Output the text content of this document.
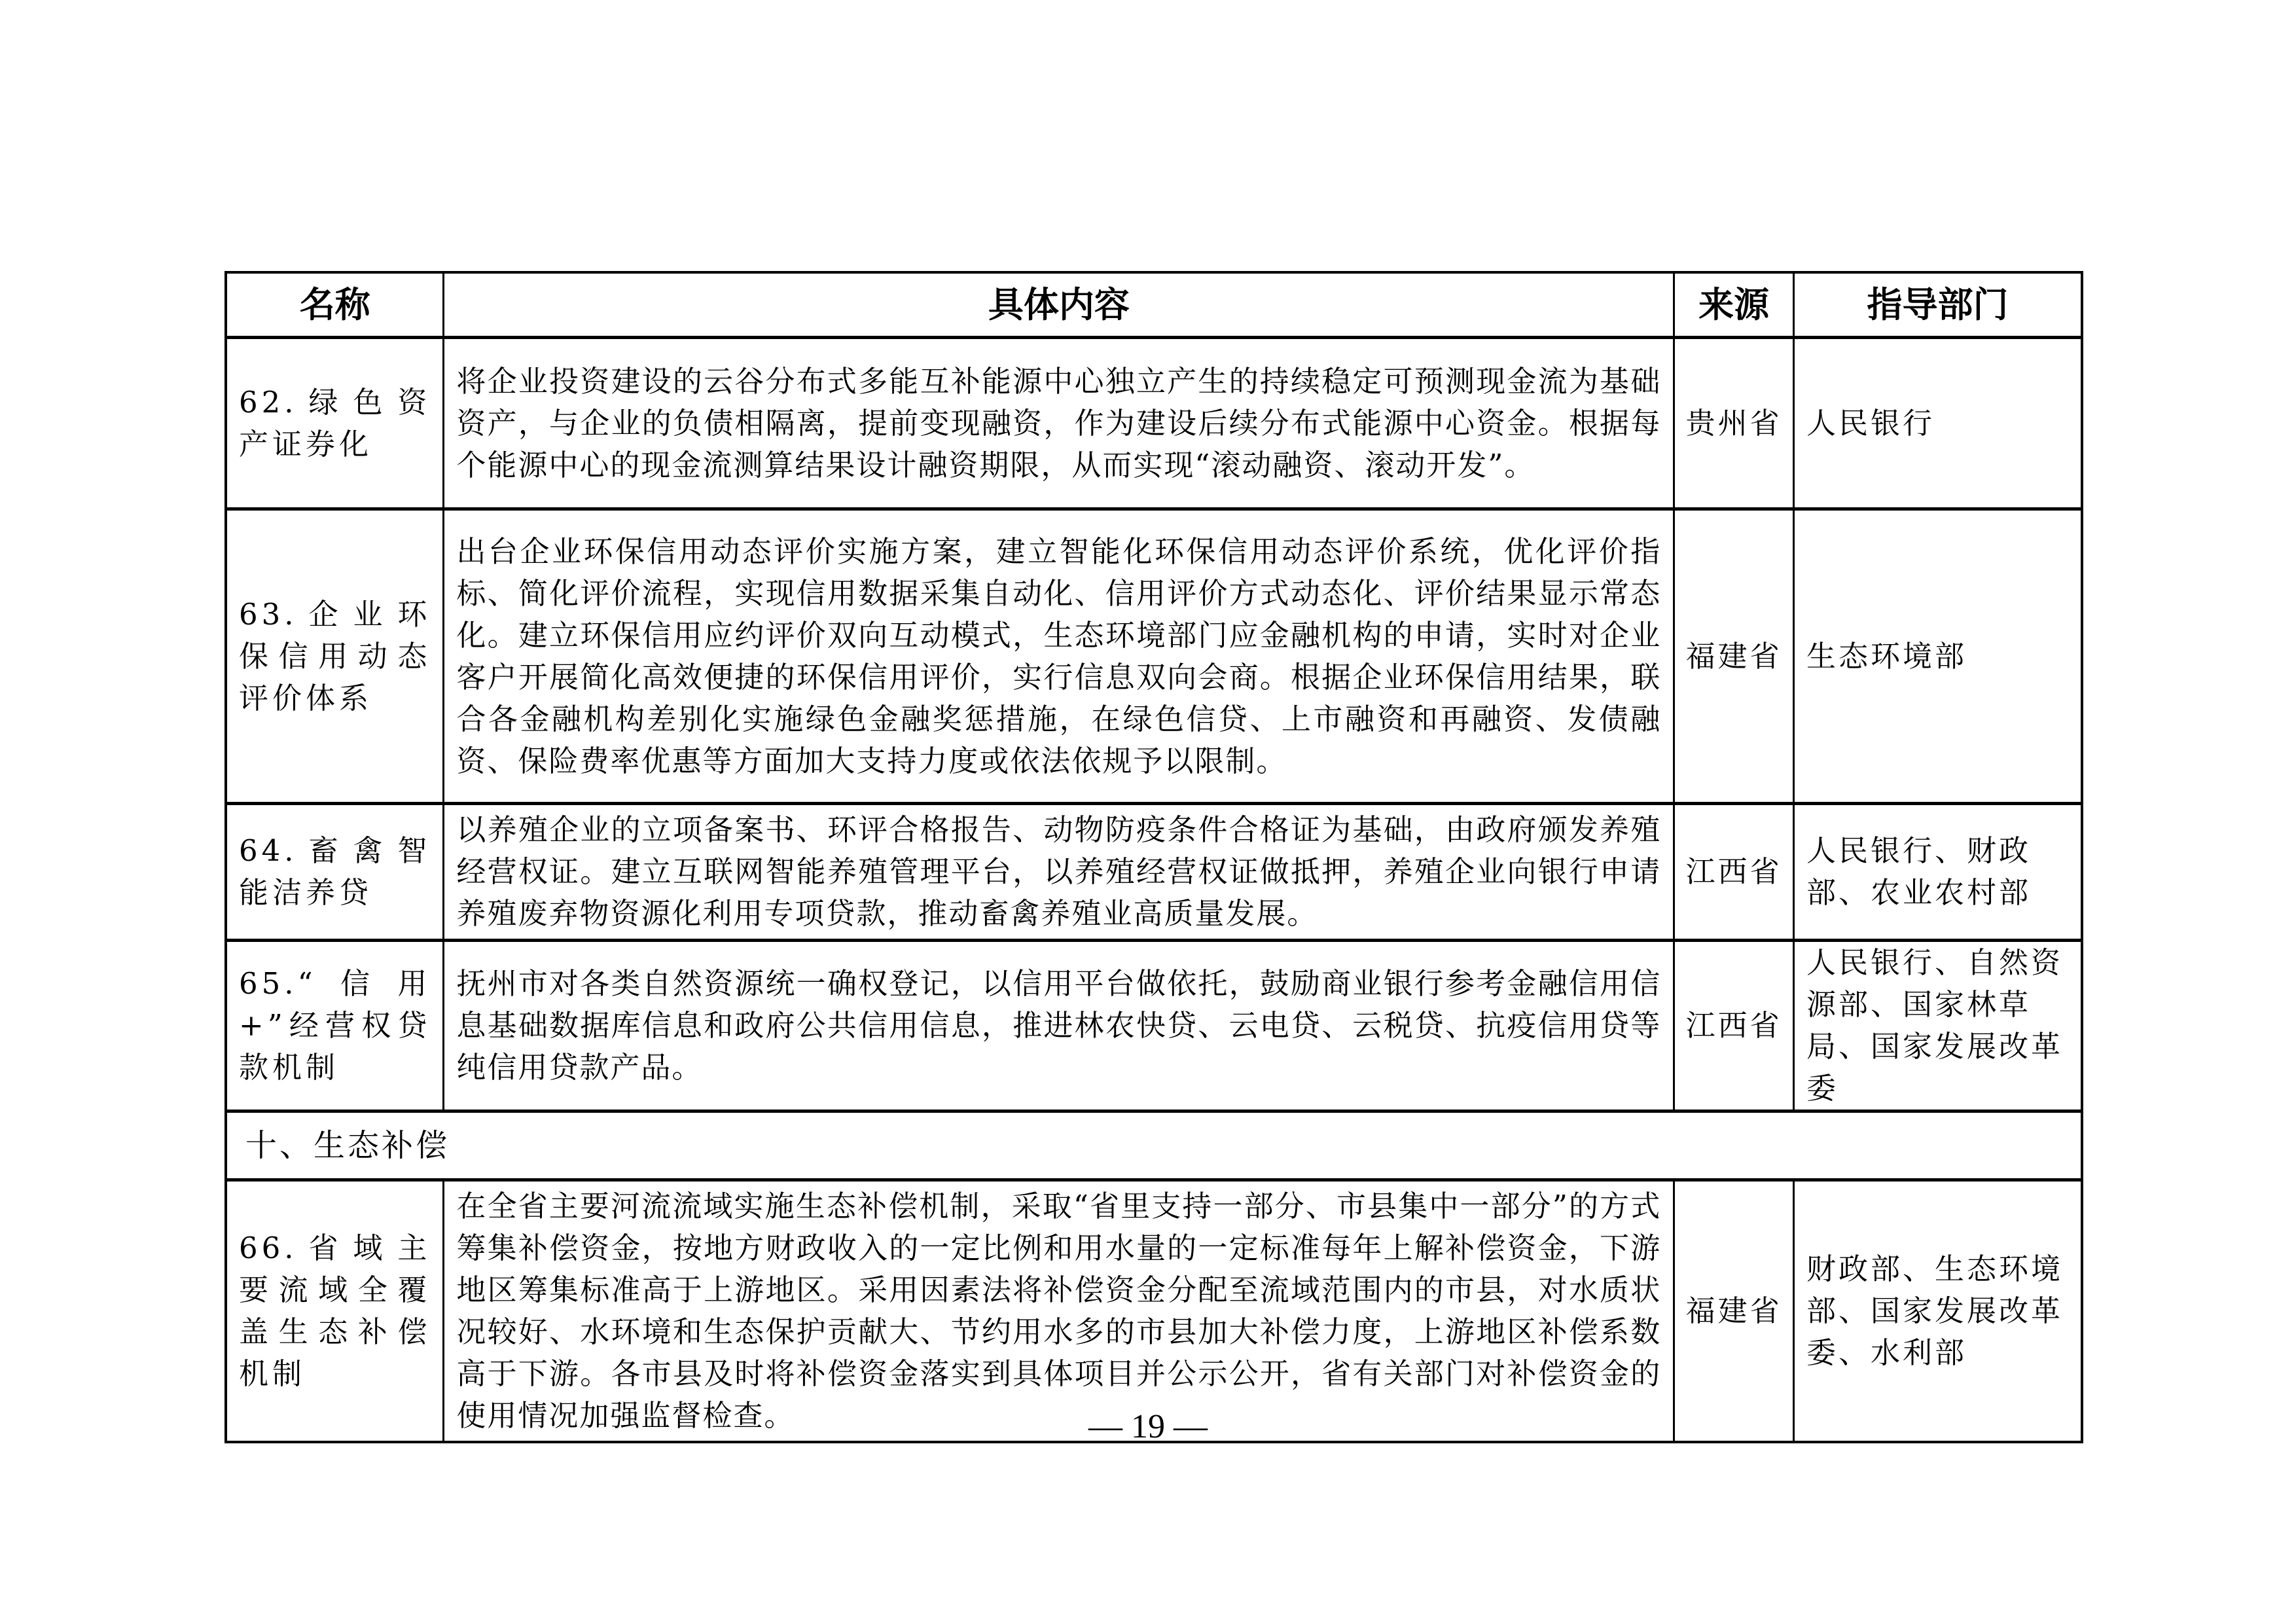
名称	具体内容	来源	指导部门
62.绿色资产证券化	将企业投资建设的云谷分布式多能互补能源中心独立产生的持续稳定可预测现金流为基础资产，与企业的负债相隔离，提前变现融资，作为建设后续分布式能源中心资金。根据每个能源中心的现金流测算结果设计融资期限，从而实现“滚动融资、滚动开发”。	贵州省	人民银行
63.企业环保信用动态评价体系	出台企业环保信用动态评价实施方案，建立智能化环保信用动态评价系统，优化评价指标、简化评价流程，实现信用数据采集自动化、信用评价方式动态化、评价结果显示常态化。建立环保信用应约评价双向互动模式，生态环境部门应金融机构的申请，实时对企业客户开展简化高效便捷的环保信用评价，实行信息双向会商。根据企业环保信用结果，联合各金融机构差别化实施绿色金融奖惩措施，在绿色信贷、上市融资和再融资、发债融资、保险费率优惠等方面加大支持力度或依法依规予以限制。	福建省	生态环境部
64.畜禽智能洁养贷	以养殖企业的立项备案书、环评合格报告、动物防疫条件合格证为基础，由政府颁发养殖经营权证。建立互联网智能养殖管理平台，以养殖经营权证做抵押，养殖企业向银行申请养殖废弃物资源化利用专项贷款，推动畜禽养殖业高质量发展。	江西省	人民银行、财政部、农业农村部
65.“信用+”经营权贷款机制	抚州市对各类自然资源统一确权登记，以信用平台做依托，鼓励商业银行参考金融信用信息基础数据库信息和政府公共信用信息，推进林农快贷、云电贷、云税贷、抗疫信用贷等纯信用贷款产品。	江西省	人民银行、自然资源部、国家林草局、国家发展改革委
十、生态补偿			
66.省域主要流域全覆盖生态补偿机制	在全省主要河流流域实施生态补偿机制，采取“省里支持一部分、市县集中一部分”的方式筹集补偿资金，按地方财政收入的一定比例和用水量的一定标准每年上解补偿资金，下游地区筹集标准高于上游地区。采用因素法将补偿资金分配至流域范围内的市县，对水质状况较好、水环境和生态保护贡献大、节约用水多的市县加大补偿力度，上游地区补偿系数高于下游。各市县及时将补偿资金落实到具体项目并公示公开，省有关部门对补偿资金的使用情况加强监督检查。	福建省	财政部、生态环境部、国家发展改革委、水利部
— 19 —
